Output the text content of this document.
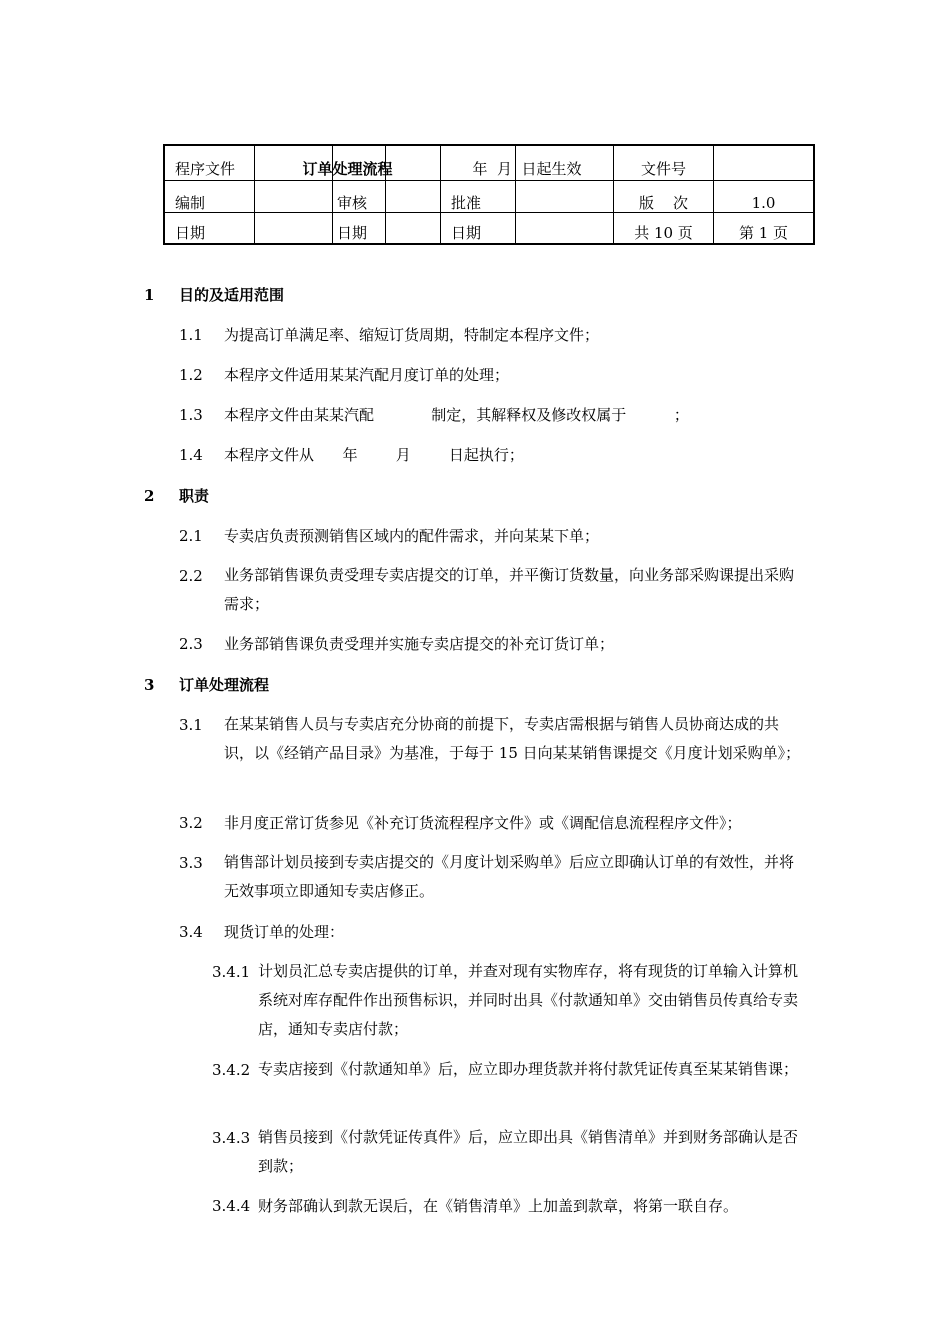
程序文件	订单处理流程	年  月  日起生效	文件号
编制	审核	批准	版    次	1.0
日期	日期	日期	共 10 页	第 1 页
1 目的及适用范围
1.1 为提高订单满足率、缩短订货周期，特制定本程序文件；
1.2 本程序文件适用某某汽配月度订单的处理；
1.3 本程序文件由某某汽配            制定，其解释权及修改权属于          ；
1.4 本程序文件从      年        月        日起执行；
2 职责
2.1 专卖店负责预测销售区域内的配件需求，并向某某下单；
2.2 业务部销售课负责受理专卖店提交的订单，并平衡订货数量，向业务部采购课提出采购需求；
2.3 业务部销售课负责受理并实施专卖店提交的补充订货订单；
3 订单处理流程
3.1 在某某销售人员与专卖店充分协商的前提下，专卖店需根据与销售人员协商达成的共识，以《经销产品目录》为基准，于每于 15 日向某某销售课提交《月度计划采购单》；
3.2 非月度正常订货参见《补充订货流程程序文件》或《调配信息流程程序文件》；
3.3 销售部计划员接到专卖店提交的《月度计划采购单》后应立即确认订单的有效性，并将无效事项立即通知专卖店修正。
3.4 现货订单的处理：
3.4.1 计划员汇总专卖店提供的订单，并查对现有实物库存，将有现货的订单输入计算机系统对库存配件作出预售标识，并同时出具《付款通知单》交由销售员传真给专卖店，通知专卖店付款；
3.4.2 专卖店接到《付款通知单》后，应立即办理货款并将付款凭证传真至某某销售课；
3.4.3 销售员接到《付款凭证传真件》后，应立即出具《销售清单》并到财务部确认是否到款；
3.4.4 财务部确认到款无误后，在《销售清单》上加盖到款章，将第一联自存。
